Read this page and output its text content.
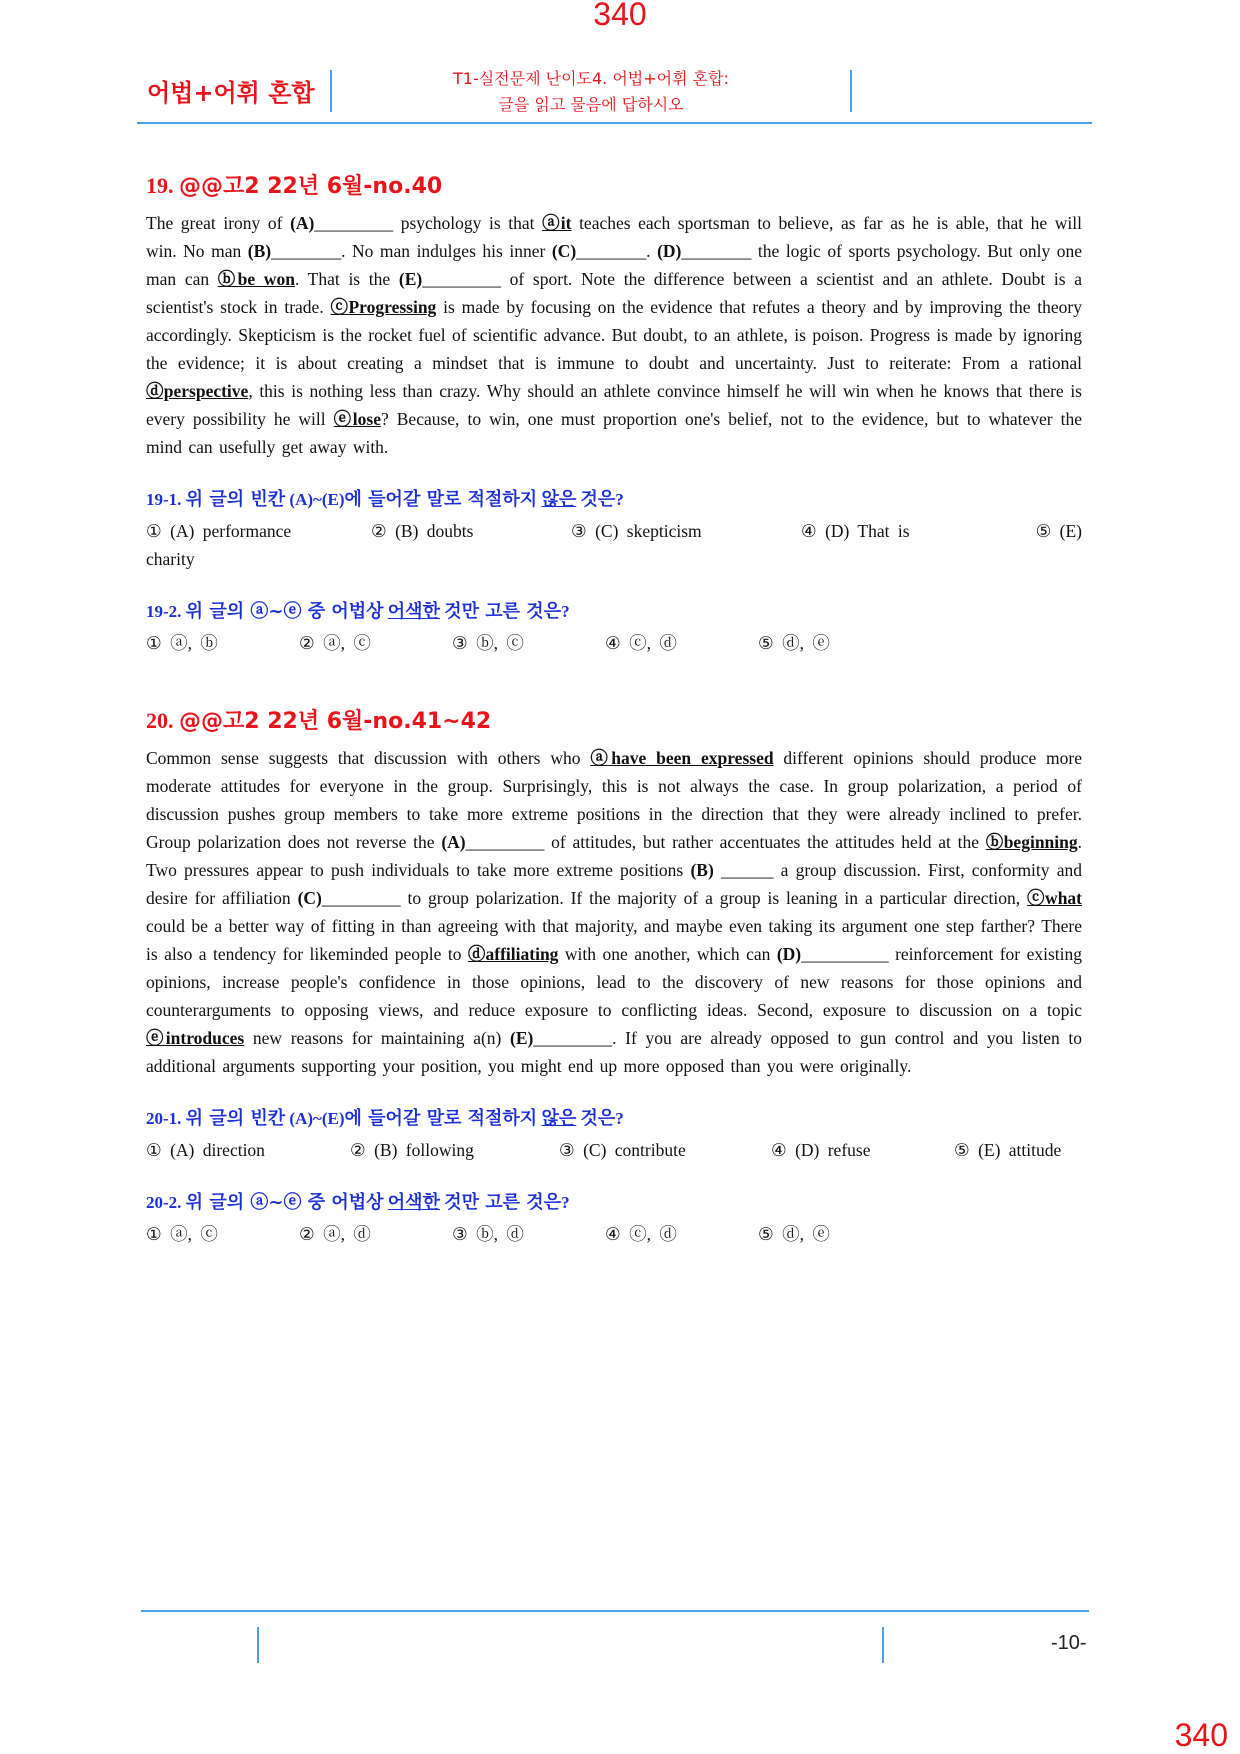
340
어법+어휘 혼합
T1-실전문제 난이도4. 어법+어휘 혼합:
글을 읽고 물음에 답하시오
19. @@고2 22년 6월-no.40

The great irony of (A)_________ psychology is that ⓐit teaches each sportsman to believe, as far as he is able, that he will win. No man (B)________. No man indulges his inner (C)________. (D)________ the logic of sports psychology. But only one man can ⓑbe won. That is the (E)_________ of sport. Note the difference between a scientist and an athlete. Doubt is a scientist's stock in trade. ⓒProgressing is made by focusing on the evidence that refutes a theory and by improving the theory accordingly. Skepticism is the rocket fuel of scientific advance. But doubt, to an athlete, is poison. Progress is made by ignoring the evidence; it is about creating a mindset that is immune to doubt and uncertainty. Just to reiterate: From a rational ⓓperspective, this is nothing less than crazy. Why should an athlete convince himself he will win when he knows that there is every possibility he will ⓔlose? Because, to win, one must proportion one's belief, not to the evidence, but to whatever the mind can usefully get away with.

19-1. 위 글의 빈칸 (A)~(E)에 들어갈 말로 적절하지 않은 것은?
① (A) performance	② (B) doubts	③ (C) skepticism	④ (D) That is	⑤ (E)
charity
19-2. 위 글의 ⓐ~ⓔ 중 어법상 어색한 것만 고른 것은?
① ⓐ, ⓑ	② ⓐ, ⓒ	③ ⓑ, ⓒ	④ ⓒ, ⓓ	⑤ ⓓ, ⓔ
20. @@고2 22년 6월-no.41~42

Common sense suggests that discussion with others who ⓐhave been expressed different opinions should produce more moderate attitudes for everyone in the group. Surprisingly, this is not always the case. In group polarization, a period of discussion pushes group members to take more extreme positions in the direction that they were already inclined to prefer. Group polarization does not reverse the (A)_________ of attitudes, but rather accentuates the attitudes held at the ⓑbeginning. Two pressures appear to push individuals to take more extreme positions (B) ______ a group discussion. First, conformity and desire for affiliation (C)_________ to group polarization. If the majority of a group is leaning in a particular direction, ⓒwhat could be a better way of fitting in than agreeing with that majority, and maybe even taking its argument one step farther? There is also a tendency for likeminded people to ⓓaffiliating with one another, which can (D)__________ reinforcement for existing opinions, increase people's confidence in those opinions, lead to the discovery of new reasons for those opinions and counterarguments to opposing views, and reduce exposure to conflicting ideas. Second, exposure to discussion on a topic ⓔintroduces new reasons for maintaining a(n) (E)_________. If you are already opposed to gun control and you listen to additional arguments supporting your position, you might end up more opposed than you were originally.

20-1. 위 글의 빈칸 (A)~(E)에 들어갈 말로 적절하지 않은 것은?
① (A) direction	② (B) following	③ (C) contribute	④ (D) refuse	⑤ (E) attitude
20-2. 위 글의 ⓐ~ⓔ 중 어법상 어색한 것만 고른 것은?
① ⓐ, ⓒ	② ⓐ, ⓓ	③ ⓑ, ⓓ	④ ⓒ, ⓓ	⑤ ⓓ, ⓔ
-10-
340
